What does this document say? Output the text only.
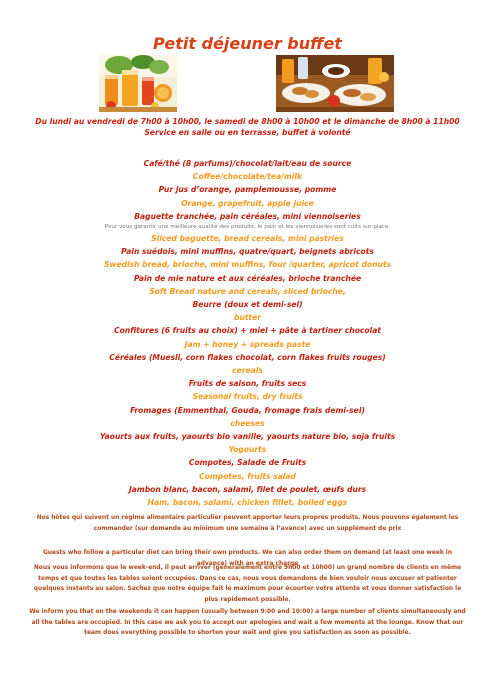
Petit déjeuner buffet
Du lundi au vendredi de 7h00 à 10h00, le samedi de 8h00 à 10h00 et le dimanche de 8h00 à 11h00
Service en salle ou en terrasse, buffet à volonté
Café/thé (8 parfums)/chocolat/lait/eau de source
Coffee/chocolate/tea/milk
Pur jus d’orange, pamplemousse, pomme
Orange, grapefruit, apple juice
Baguette tranchée, pain céréales, mini viennoiseries
Pour vous garantir une meilleure qualité des produits, le pain et les viennoiseries sont cuits sur place.
Sliced baguette, bread cereals, mini pastries
Pain suédois, mini muffins, quatre/quart, beignets abricots
Swedish bread, brioche, mini muffins, four /quarter, apricot donuts
Pain de mie nature et aux céréales, brioche tranchée
Soft Bread nature and cereals, sliced brioche,
Beurre (doux et demi-sel)
butter
Confitures (6 fruits au choix) + miel + pâte à tartiner chocolat
Jam + honey + spreads paste
Céréales (Muesli, corn flakes chocolat, corn flakes fruits rouges)
cereals
Fruits de saison, fruits secs
Seasonal fruits, dry fruits
Fromages (Emmenthal, Gouda, fromage frais demi-sel)
cheeses
Yaourts aux fruits, yaourts bio vanille, yaourts nature bio, soja fruits
Yogourts
Compotes, Salade de Fruits
Compotes, fruits salad
Jambon blanc, bacon, salami, filet de poulet, œufs durs
Ham, bacon, salami, chicken fillet, boiled eggs

Nos hôtes qui suivent un régime alimentaire particulier peuvent apporter leurs propres produits. Nous pouvons également les commander (sur demande au minimum une semaine à l’avance) avec un supplément de prix

Guests who follow a particular diet can bring their own products. We can also order them on demand (at least one week in advance) with an extra charge

Nous vous informons que le week-end, il peut arriver (généralement entre 9h00 et 10h00) un grand nombre de clients en même temps et que toutes les tables soient occupées. Dans ce cas, nous vous demandons de bien vouloir nous excuser et patienter quelques instants au salon. Sachez que notre équipe fait le maximum pour écourter votre attente et vous donner satisfaction le plus rapidement possible.

We inform you that on the weekends it can happen (usually between 9:00 and 10:00) a large number of clients simultaneously and all the tables are occupied. In this case we ask you to accept our apologies and wait a few moments at the lounge. Know that our team does everything possible to shorten your wait and give you satisfaction as soon as possible.
